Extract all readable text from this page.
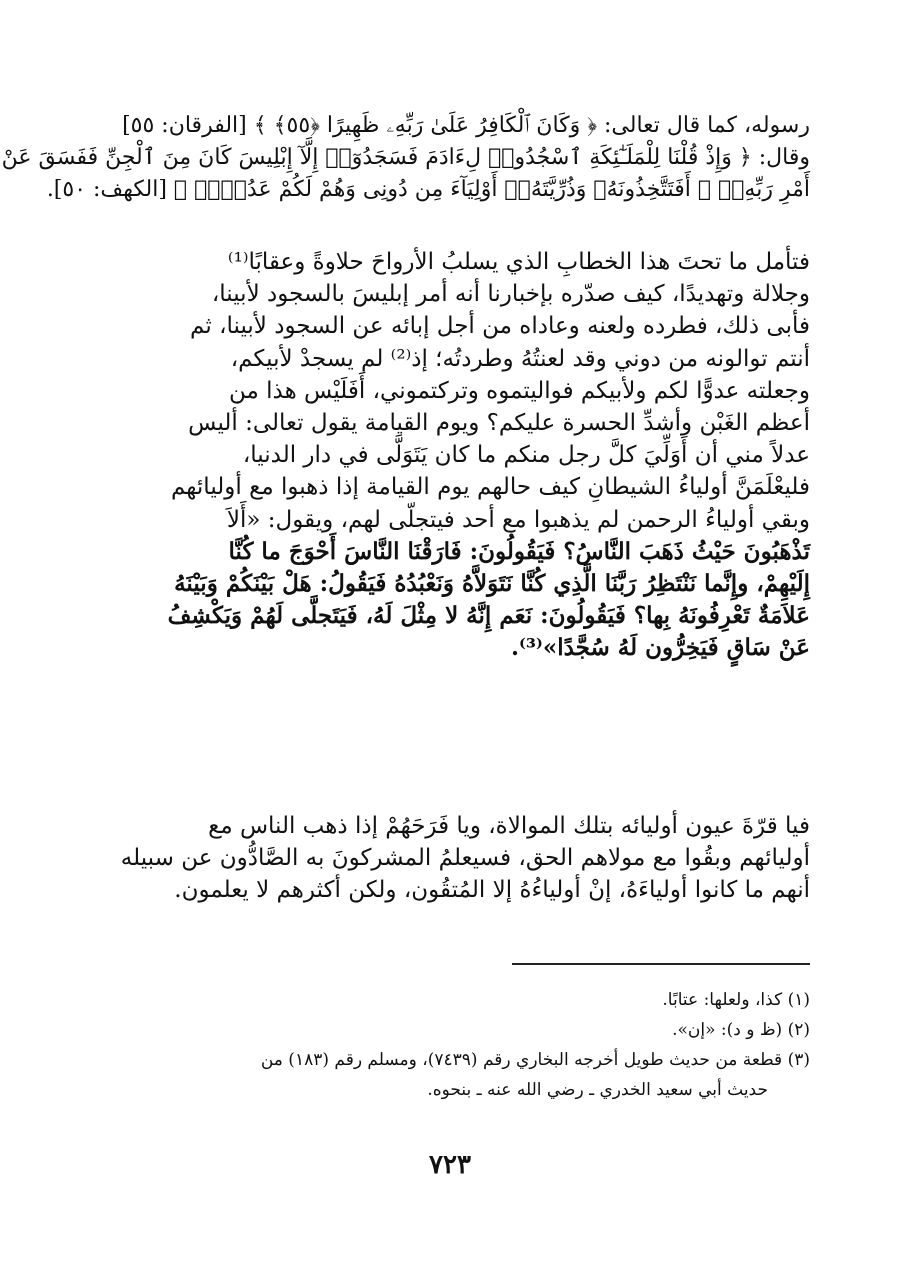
رسوله، كما قال تعالى: ﴿ وَكَانَ ٱلْكَافِرُ عَلَىٰ رَبِّهِۦ ظَهِيرًا ﴿٥٥﴾ ﴾ [الفرقان: ٥٥]
وقال: ﴿ وَإِذْ قُلْنَا لِلْمَلَـٰٓئِكَةِ ٱسْجُدُوا۟ لِءَادَمَ فَسَجَدُوٓا۟ إِلَّآ إِبْلِيسَ كَانَ مِنَ ٱلْجِنِّ فَفَسَقَ عَنْ
أَمْرِ رَبِّهِۦٓ ۗ أَفَتَتَّخِذُونَهُۥ وَذُرِّيَّتَهُۥٓ أَوْلِيَآءَ مِن دُونِى وَهُمْ لَكُمْ عَدُوٌّۢ ﴾ [الكهف: ٥٠].
فتأمل ما تحتَ هذا الخطابِ الذي يسلبُ الأرواحَ حلاوةً وعقابًا⁽¹⁾
وجلالة وتهديدًا، كيف صدّره بإخبارنا أنه أمر إبليسَ بالسجود لأبينا،
فأبى ذلك، فطرده ولعنه وعاداه من أجل إبائه عن السجود لأبينا، ثم
أنتم توالونه من دوني وقد لعنتُهُ وطردتُه؛ إذ⁽²⁾ لم يسجدْ لأبيكم،
وجعلته عدوًّا لكم ولأبيكم فواليتموه وتركتموني، أَفَلَيْس هذا من
أعظم الغَبْن وأشدِّ الحسرة عليكم؟ ويوم القيامة يقول تعالى: أليس
عدلاً مني أن أَوَلِّيَ كلَّ رجل منكم ما كان يَتَوَلَّى في دار الدنيا،
فليعْلَمَنَّ أولياءُ الشيطانِ كيف حالهم يوم القيامة إذا ذهبوا مع أوليائهم
وبقي أولياءُ الرحمن لم يذهبوا مع أحد فيتجلّى لهم، ويقول: «أَلاَ
تَذْهَبُونَ حَيْثُ ذَهَبَ النَّاسُ؟ فَيَقُولُونَ: فَارَقْنَا النَّاسَ أَحْوَجَ ما كُنَّا
إِلَيْهِمْ، وإِنَّما نَنْتَظِرُ رَبَّنَا الَّذِي كُنَّا نَتَوَلاَّهُ وَنَعْبُدُهُ فَيَقُولُ: هَلْ بَيْنَكُمْ وَبَيْنَهُ
عَلاَمَةٌ تَعْرِفُونَهُ بِها؟ فَيَقُولُونَ: نَعَم إِنَّهُ لا مِثْلَ لَهُ، فَيَتَجلَّى لَهُمْ وَيَكْشِفُ
عَنْ سَاقٍ فَيَخِرُّون لَهُ سُجَّدًا»⁽³⁾.
فيا قرّةَ عيون أوليائه بتلك الموالاة، ويا فَرَحَهُمْ إذا ذهب الناس مع
أوليائهم وبقُوا مع مولاهم الحق، فسيعلمُ المشركونَ به الصَّادُّون عن سبيله
أنهم ما كانوا أولياءَهُ، إنْ أولياءُهُ إلا المُتقُون، ولكن أكثرهم لا يعلمون.
(١) كذا، ولعلها: عتابًا.
(٢) (ظ و د): «إن».
(٣) قطعة من حديث طويل أخرجه البخاري رقم (٧٤٣٩)، ومسلم رقم (١٨٣) من
حديث أبي سعيد الخدري ـ رضي الله عنه ـ بنحوه.
٧٢٣
